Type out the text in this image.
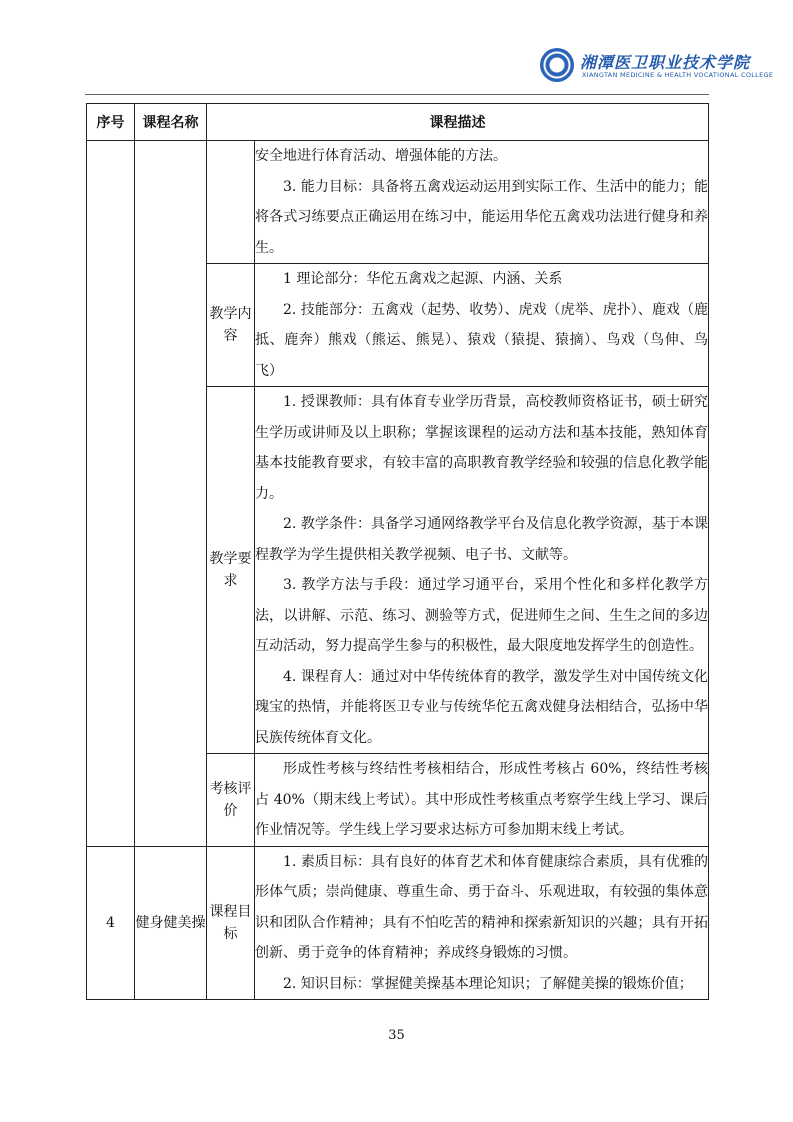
湘潭医卫职业技术学院
XIANGTAN MEDICINE & HEALTH VOCATIONAL COLLEGE
序号	课程名称	课程描述	

			安全地进行体育活动、增强体能的方法。

3. 能力目标：具备将五禽戏运动运用到实际工作、生活中的能力；能将各式习练要点正确运用在练习中，能运用华佗五禽戏功法进行健身和养生。

		教学内容	1 理论部分：华佗五禽戏之起源、内涵、关系

2. 技能部分：五禽戏（起势、收势）、虎戏（虎举、虎扑）、鹿戏（鹿抵、鹿奔）熊戏（熊运、熊晃）、猿戏（猿提、猿摘）、鸟戏（鸟伸、鸟飞）

		教学要求	1. 授课教师：具有体育专业学历背景，高校教师资格证书，硕士研究生学历或讲师及以上职称；掌握该课程的运动方法和基本技能，熟知体育基本技能教育要求，有较丰富的高职教育教学经验和较强的信息化教学能力。

2. 教学条件：具备学习通网络教学平台及信息化教学资源，基于本课程教学为学生提供相关教学视频、电子书、文献等。

3. 教学方法与手段：通过学习通平台，采用个性化和多样化教学方法，以讲解、示范、练习、测验等方式，促进师生之间、生生之间的多边互动活动，努力提高学生参与的积极性，最大限度地发挥学生的创造性。

4. 课程育人：通过对中华传统体育的教学，激发学生对中国传统文化瑰宝的热情，并能将医卫专业与传统华佗五禽戏健身法相结合，弘扬中华民族传统体育文化。

		考核评价	形成性考核与终结性考核相结合，形成性考核占 60%，终结性考核占 40%（期末线上考试）。其中形成性考核重点考察学生线上学习、课后作业情况等。学生线上学习要求达标方可参加期末线上考试。

4	健身健美操	课程目标	1. 素质目标：具有良好的体育艺术和体育健康综合素质，具有优雅的形体气质；崇尚健康、尊重生命、勇于奋斗、乐观进取，有较强的集体意识和团队合作精神；具有不怕吃苦的精神和探索新知识的兴趣；具有开拓创新、勇于竞争的体育精神；养成终身锻炼的习惯。

2. 知识目标：掌握健美操基本理论知识；了解健美操的锻炼价值；

35
